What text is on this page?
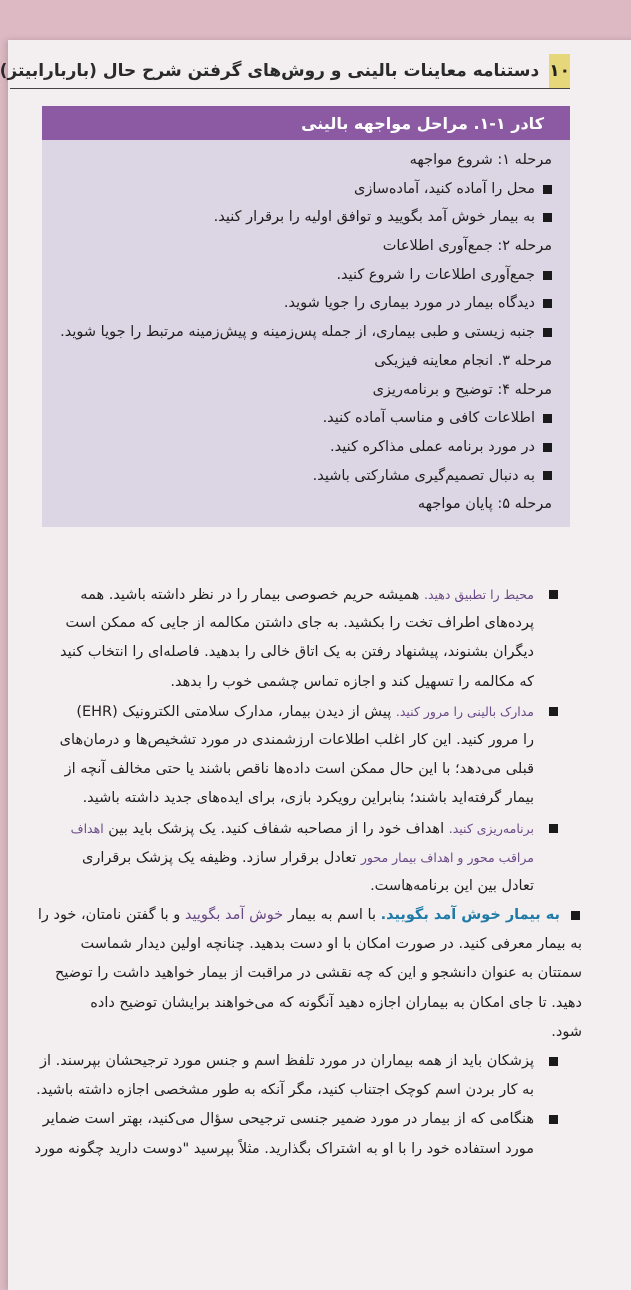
۱۰
دستنامه معاینات بالینی و روش‌های گرفتن شرح حال (باربارابیتز)
کادر ۱-۱. مراحل مواجهه بالینی
مرحله ۱: شروع مواجهه
محل را آماده کنید، آماده‌سازی
به بیمار خوش آمد بگویید و توافق اولیه را برقرار کنید.
مرحله ۲: جمع‌آوری اطلاعات
جمع‌آوری اطلاعات را شروع کنید.
دیدگاه بیمار در مورد بیماری را جویا شوید.
جنبه زیستی و طبی بیماری، از جمله پس‌زمینه و پیش‌زمینه مرتبط را جویا شوید.
مرحله ۳. انجام معاینه فیزیکی
مرحله ۴: توضیح و برنامه‌ریزی
اطلاعات کافی و مناسب آماده کنید.
در مورد برنامه عملی مذاکره کنید.
به دنبال تصمیم‌گیری مشارکتی باشید.
مرحله ۵: پایان مواجهه
محیط را تطبیق دهید. همیشه حریم خصوصی بیمار را در نظر داشته باشید. همه
پرده‌های اطراف تخت را بکشید. به جای داشتن مکالمه از جایی که ممکن است
دیگران بشنوند، پیشنهاد رفتن به یک اتاق خالی را بدهید. فاصله‌ای را انتخاب کنید
که مکالمه را تسهیل کند و اجازه تماس چشمی خوب را بدهد.
مدارک بالینی را مرور کنید. پیش از دیدن بیمار، مدارک سلامتی الکترونیک (EHR)
را مرور کنید. این کار اغلب اطلاعات ارزشمندی در مورد تشخیص‌ها و درمان‌های
قبلی می‌دهد؛ با این حال ممکن است داده‌ها ناقص باشند یا حتی مخالف آنچه از
بیمار گرفته‌اید باشند؛ بنابراین رویکرد بازی، برای ایده‌های جدید داشته باشید.
برنامه‌ریزی کنید. اهداف خود را از مصاحبه شفاف کنید. یک پزشک باید بین اهداف
مراقب محور و اهداف بیمار محور تعادل برقرار سازد. وظیفه یک پزشک برقراری
تعادل بین این برنامه‌هاست.
به بیمار خوش آمد بگویید. با اسم به بیمار خوش آمد بگویید و با گفتن نامتان، خود را
به بیمار معرفی کنید. در صورت امکان با او دست بدهید. چنانچه اولین دیدار شماست
سمتتان به عنوان دانشجو و این که چه نقشی در مراقبت از بیمار خواهید داشت را توضیح
دهید. تا جای امکان به بیماران اجازه دهید آنگونه که می‌خواهند برایشان توضیح داده
شود.
پزشکان باید از همه بیماران در مورد تلفظ اسم و جنس مورد ترجیحشان بپرسند. از
به کار بردن اسم کوچک اجتناب کنید، مگر آنکه به طور مشخصی اجازه داشته باشید.
هنگامی که از بیمار در مورد ضمیر جنسی ترجیحی سؤال می‌کنید، بهتر است ضمایر
مورد استفاده خود را با او به اشتراک بگذارید. مثلاً بپرسید "دوست دارید چگونه مورد
